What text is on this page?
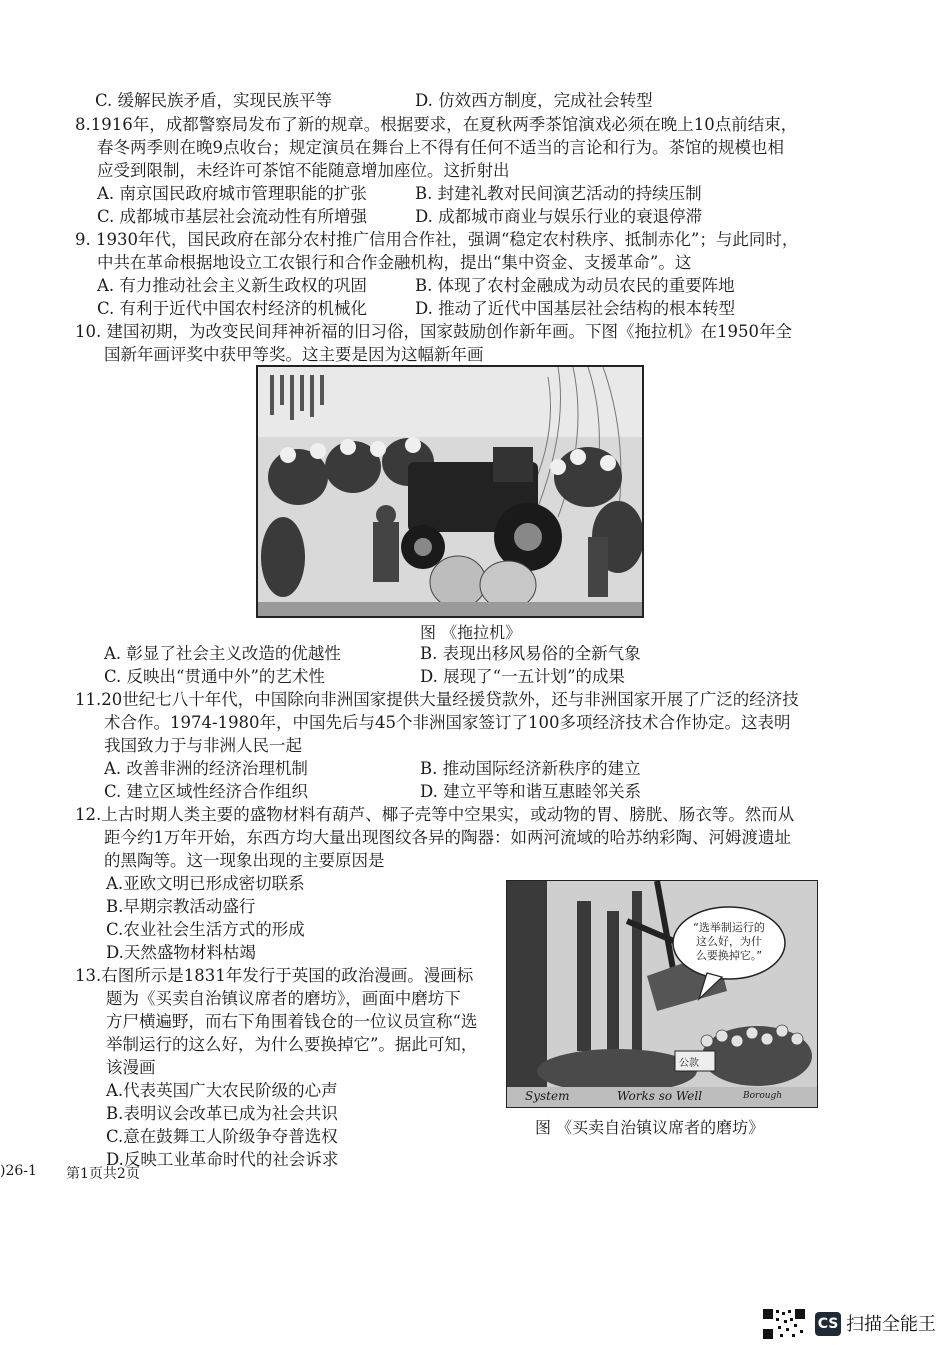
C. 缓解民族矛盾，实现民族平等	D. 仿效西方制度，完成社会转型
8.1916年，成都警察局发布了新的规章。根据要求，在夏秋两季茶馆演戏必须在晚上10点前结束，
春冬两季则在晚9点收台；规定演员在舞台上不得有任何不适当的言论和行为。茶馆的规模也相
应受到限制，未经许可茶馆不能随意增加座位。这折射出
A. 南京国民政府城市管理职能的扩张	B. 封建礼教对民间演艺活动的持续压制
C. 成都城市基层社会流动性有所增强	D. 成都城市商业与娱乐行业的衰退停滞
9. 1930年代，国民政府在部分农村推广信用合作社，强调“稳定农村秩序、抵制赤化”；与此同时，
中共在革命根据地设立工农银行和合作金融机构，提出“集中资金、支援革命”。这
A. 有力推动社会主义新生政权的巩固	B. 体现了农村金融成为动员农民的重要阵地
C. 有利于近代中国农村经济的机械化	D. 推动了近代中国基层社会结构的根本转型
10. 建国初期，为改变民间拜神祈福的旧习俗，国家鼓励创作新年画。下图《拖拉机》在1950年全
国新年画评奖中获甲等奖。这主要是因为这幅新年画
图 《拖拉机》
A. 彰显了社会主义改造的优越性	B. 表现出移风易俗的全新气象
C. 反映出“贯通中外”的艺术性	D. 展现了“一五计划”的成果
11.20世纪七八十年代，中国除向非洲国家提供大量经援贷款外，还与非洲国家开展了广泛的经济技
术合作。1974-1980年，中国先后与45个非洲国家签订了100多项经济技术合作协定。这表明
我国致力于与非洲人民一起
A. 改善非洲的经济治理机制	B. 推动国际经济新秩序的建立
C. 建立区域性经济合作组织	D. 建立平等和谐互惠睦邻关系
12.上古时期人类主要的盛物材料有葫芦、椰子壳等中空果实，或动物的胃、膀胱、肠衣等。然而从
距今约1万年开始，东西方均大量出现图纹各异的陶器：如两河流域的哈苏纳彩陶、河姆渡遗址
的黑陶等。这一现象出现的主要原因是
A.亚欧文明已形成密切联系
B.早期宗教活动盛行
C.农业社会生活方式的形成
D.天然盛物材料枯竭
13.右图所示是1831年发行于英国的政治漫画。漫画标
题为《买卖自治镇议席者的磨坊》，画面中磨坊下
方尸横遍野，而右下角围着钱仓的一位议员宣称“选
举制运行的这么好，为什么要换掉它”。据此可知，
该漫画
A.代表英国广大农民阶级的心声
B.表明议会改革已成为社会共识
C.意在鼓舞工人阶级争夺普选权
D.反映工业革命时代的社会诉求
“选举制运行的
这么好，为什
么要换掉它。”
公款
System	Works so Well	Borough
图 《买卖自治镇议席者的磨坊》
)26-1 第1页共2页
CS 扫描全能王
